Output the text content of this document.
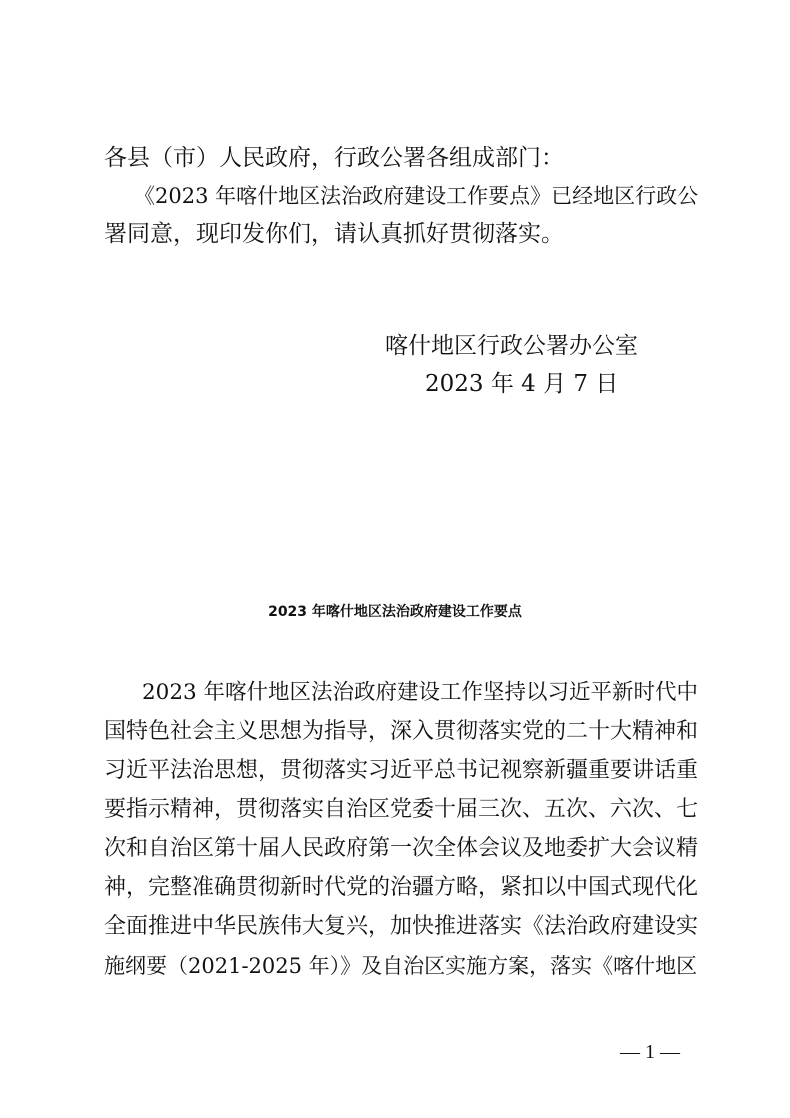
各县（市）人民政府，行政公署各组成部门：

《2023 年喀什地区法治政府建设工作要点》已经地区行政公

署同意，现印发你们，请认真抓好贯彻落实。

喀什地区行政公署办公室

2023 年 4 月 7 日

2023 年喀什地区法治政府建设工作要点

2023 年喀什地区法治政府建设工作坚持以习近平新时代中

国特色社会主义思想为指导，深入贯彻落实党的二十大精神和

习近平法治思想，贯彻落实习近平总书记视察新疆重要讲话重

要指示精神，贯彻落实自治区党委十届三次、五次、六次、七

次和自治区第十届人民政府第一次全体会议及地委扩大会议精

神，完整准确贯彻新时代党的治疆方略，紧扣以中国式现代化

全面推进中华民族伟大复兴，加快推进落实《法治政府建设实

施纲要（2021-2025 年）》及自治区实施方案，落实《喀什地区

— 1 —
